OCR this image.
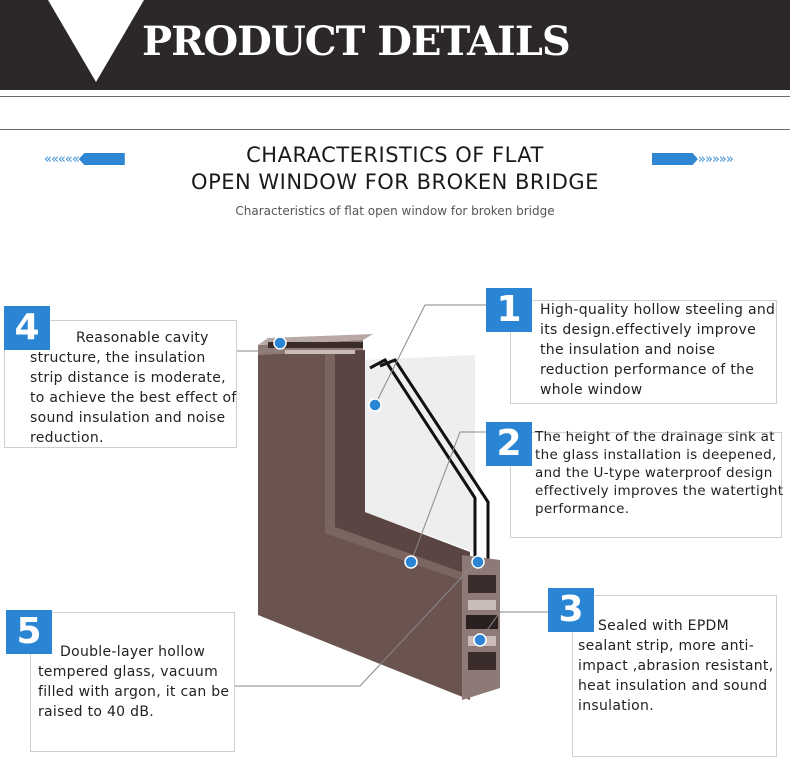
PRODUCT DETAILS
«««««	»»»»»
CHARACTERISTICS OF FLAT
OPEN WINDOW FOR BROKEN BRIDGE
Characteristics of flat open window for broken bridge
4	Reasonable cavity structure, the insulation strip distance is moderate, to achieve the best effect of sound insulation and noise reduction.
1	High-quality hollow steeling and its design.effectively improve the insulation and noise reduction performance of the whole window
2 The height of the drainage sink at the glass installation is deepened, and the U-type waterproof design effectively improves the watertight performance.
3	Sealed with EPDM sealant strip, more anti-impact ,abrasion resistant, heat insulation and sound insulation.
5	Double-layer hollow tempered glass, vacuum filled with argon, it can be raised to 40 dB.
